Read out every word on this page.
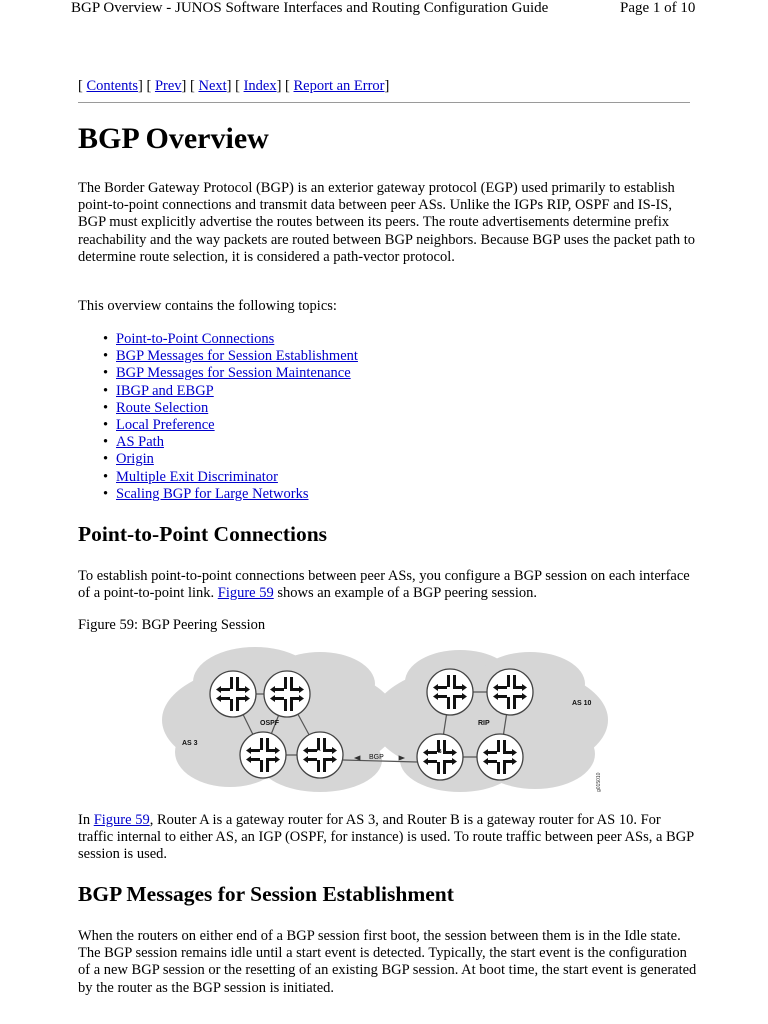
BGP Overview - JUNOS Software Interfaces and Routing Configuration Guide	Page 1 of 10
[ Contents] [ Prev] [ Next] [ Index] [ Report an Error]
BGP Overview

The Border Gateway Protocol (BGP) is an exterior gateway protocol (EGP) used primarily to establish point-to-point connections and transmit data between peer ASs. Unlike the IGPs RIP, OSPF and IS-IS, BGP must explicitly advertise the routes between its peers. The route advertisements determine prefix reachability and the way packets are routed between BGP neighbors. Because BGP uses the packet path to determine route selection, it is considered a path-vector protocol.

This overview contains the following topics:

• Point-to-Point Connections
• BGP Messages for Session Establishment
• BGP Messages for Session Maintenance
• IBGP and EBGP
• Route Selection
• Local Preference
• AS Path
• Origin
• Multiple Exit Discriminator
• Scaling BGP for Large Networks
Point-to-Point Connections

To establish point-to-point connections between peer ASs, you configure a BGP session on each interface of a point-to-point link. Figure 59 shows an example of a BGP peering session.

Figure 59: BGP Peering Session

OSPF	RIP
AS 3
AS 10
A	B
BGP
g015010

In Figure 59, Router A is a gateway router for AS 3, and Router B is a gateway router for AS 10. For traffic internal to either AS, an IGP (OSPF, for instance) is used. To route traffic between peer ASs, a BGP session is used.

BGP Messages for Session Establishment

When the routers on either end of a BGP session first boot, the session between them is in the Idle state. The BGP session remains idle until a start event is detected. Typically, the start event is the configuration of a new BGP session or the resetting of an existing BGP session. At boot time, the start event is generated by the router as the BGP session is initiated.
